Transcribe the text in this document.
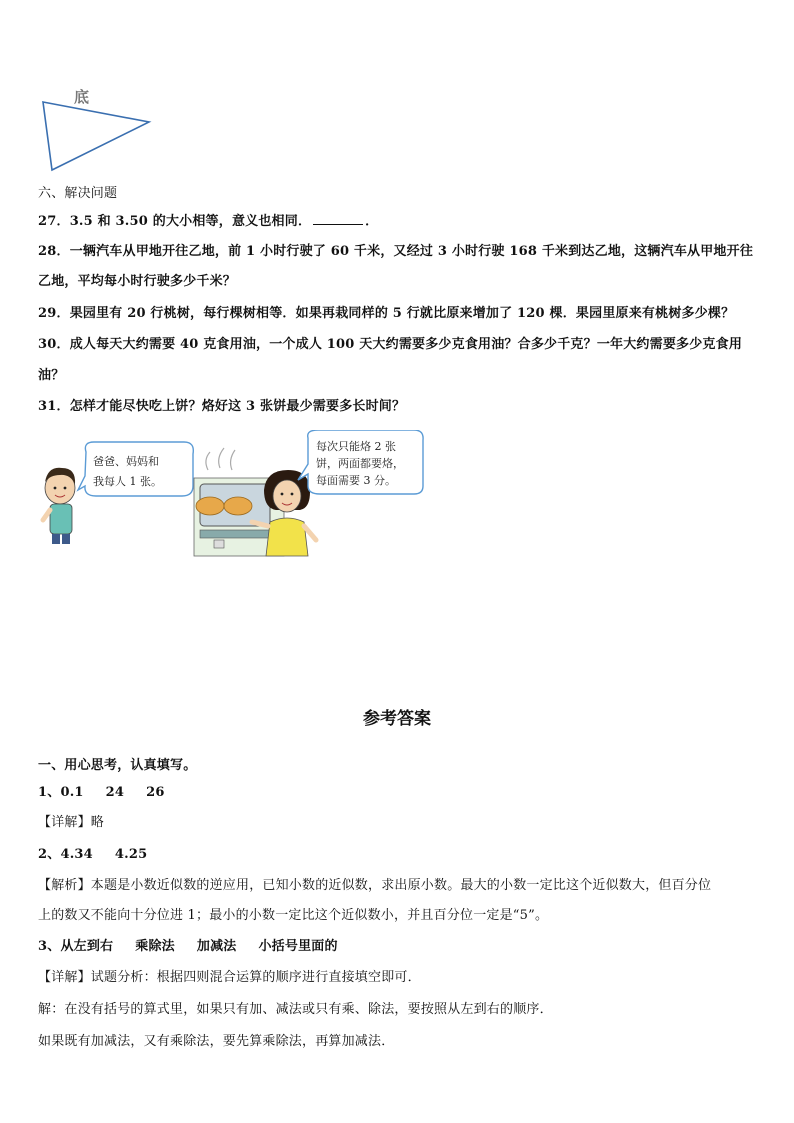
底
六、解决问题
27．3.5 和 3.50 的大小相等，意义也相同．	．
28．一辆汽车从甲地开往乙地，前 1 小时行驶了 60 千米，又经过 3 小时行驶 168 千米到达乙地，这辆汽车从甲地开往
乙地，平均每小时行驶多少千米？
29．果园里有 20 行桃树，每行棵树相等．如果再栽同样的 5 行就比原来增加了 120 棵．果园里原来有桃树多少棵？
30．成人每天大约需要 40 克食用油，一个成人 100 天大约需要多少克食用油？合多少千克？一年大约需要多少克食用
油？
31．怎样才能尽快吃上饼？烙好这 3 张饼最少需要多长时间？
爸爸、妈妈和
我每人 1 张。
每次只能烙 2 张
饼，两面都要烙，
每面需要 3 分。
参考答案
一、用心思考，认真填写。
1、0.1 24 26
【详解】略
2、4.34 4.25
【解析】本题是小数近似数的逆应用，已知小数的近似数，求出原小数。最大的小数一定比这个近似数大，但百分位
上的数又不能向十分位进 1；最小的小数一定比这个近似数小，并且百分位一定是“5”。
3、从左到右 乘除法 加减法 小括号里面的
【详解】试题分析：根据四则混合运算的顺序进行直接填空即可．
解：在没有括号的算式里，如果只有加、减法或只有乘、除法，要按照从左到右的顺序．
如果既有加减法，又有乘除法，要先算乘除法，再算加减法．
